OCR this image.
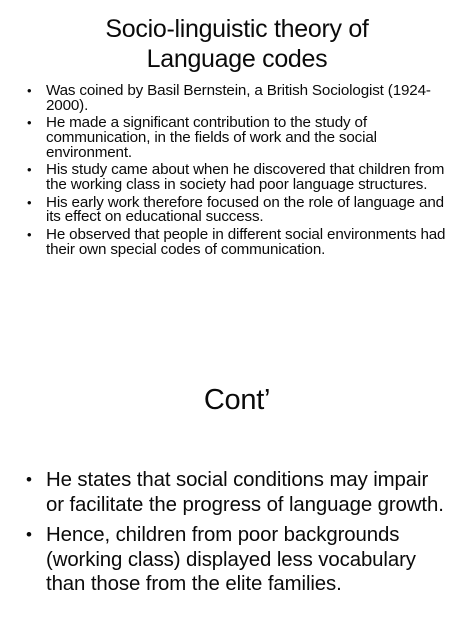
Socio-linguistic theory of
Language codes
• Was coined by Basil Bernstein, a British Sociologist (1924-2000).
• He made a significant contribution to the study of communication, in the fields of work and the social environment.
• His study came about when he discovered that children from the working class in society had poor language structures.
• His early work therefore focused on the role of language and its effect on educational success.
• He observed that people in different social environments had their own special codes of communication.
Cont’
• He states that social conditions may impair or facilitate the progress of language growth.
• Hence, children from poor backgrounds (working class) displayed less vocabulary than those from the elite families.
